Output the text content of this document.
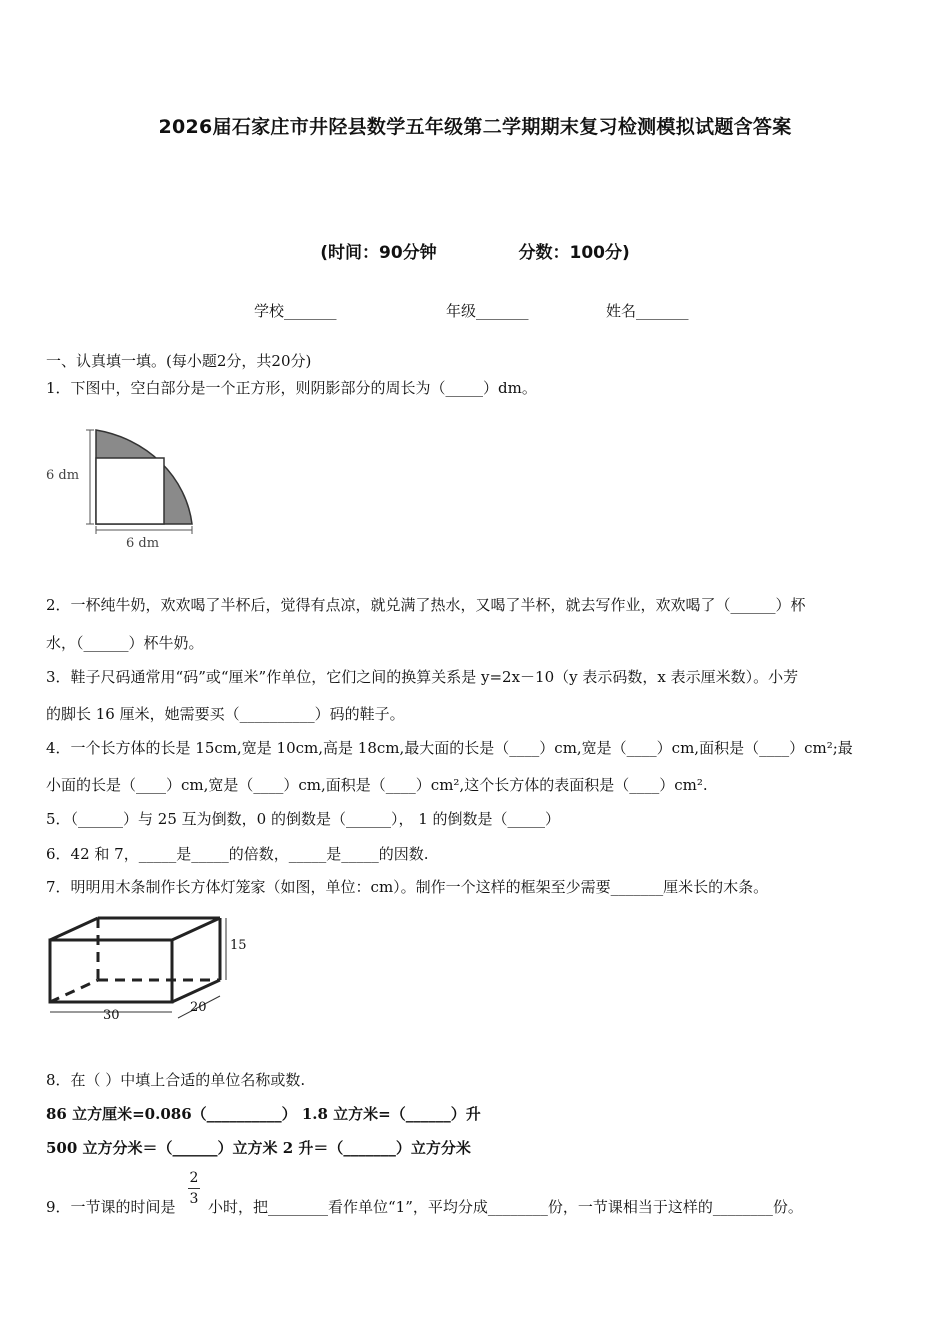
2026届石家庄市井陉县数学五年级第二学期期末复习检测模拟试题含答案
(时间：90分钟	分数：100分)
学校_______	年级_______	姓名_______
一、认真填一填。(每小题2分，共20分)
1．下图中，空白部分是一个正方形，则阴影部分的周长为（_____）dm。
6 dm
6 dm
2．一杯纯牛奶，欢欢喝了半杯后，觉得有点凉，就兑满了热水，又喝了半杯，就去写作业，欢欢喝了（______）杯
水，（______）杯牛奶。
3．鞋子尺码通常用“码”或“厘米”作单位，它们之间的换算关系是 y=2x－10（y 表示码数，x 表示厘米数）。小芳
的脚长 16 厘米，她需要买（__________）码的鞋子。
4．一个长方体的长是 15cm,宽是 10cm,高是 18cm,最大面的长是（____）cm,宽是（____）cm,面积是（____）cm²;最
小面的长是（____）cm,宽是（____）cm,面积是（____）cm²,这个长方体的表面积是（____）cm².
5．（______）与 25 互为倒数，0 的倒数是（______）， 1 的倒数是（_____）
6．42 和 7，_____是_____的倍数，_____是_____的因数.
7．明明用木条制作长方体灯笼家（如图，单位：cm）。制作一个这样的框架至少需要_______厘米长的木条。
15
30
20
8．在（ ）中填上合适的单位名称或数.
86 立方厘米=0.086（__________） 1.8 立方米=（______）升
500 立方分米＝（______）立方米 2 升＝（_______）立方分米
9．一节课的时间是
2
3 小时，把________看作单位“1”，平均分成________份，一节课相当于这样的________份。
